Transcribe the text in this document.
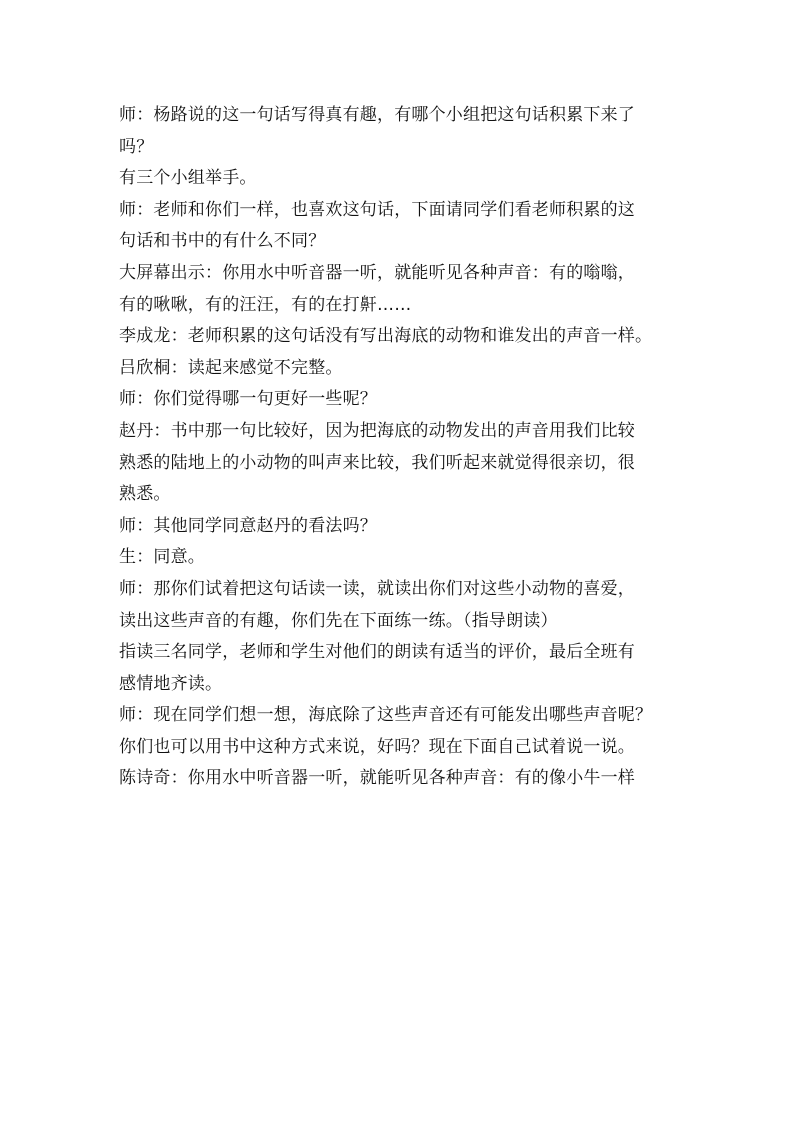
师：杨路说的这一句话写得真有趣，有哪个小组把这句话积累下来了

吗？

有三个小组举手。

师：老师和你们一样，也喜欢这句话，下面请同学们看老师积累的这

句话和书中的有什么不同？

大屏幕出示：你用水中听音器一听，就能听见各种声音：有的嗡嗡，

有的啾啾，有的汪汪，有的在打鼾……

李成龙：老师积累的这句话没有写出海底的动物和谁发出的声音一样。

吕欣桐：读起来感觉不完整。

师：你们觉得哪一句更好一些呢？

赵丹：书中那一句比较好，因为把海底的动物发出的声音用我们比较

熟悉的陆地上的小动物的叫声来比较，我们听起来就觉得很亲切，很

熟悉。

师：其他同学同意赵丹的看法吗？

生：同意。

师：那你们试着把这句话读一读，就读出你们对这些小动物的喜爱，

读出这些声音的有趣，你们先在下面练一练。（指导朗读）

指读三名同学，老师和学生对他们的朗读有适当的评价，最后全班有

感情地齐读。

师：现在同学们想一想，海底除了这些声音还有可能发出哪些声音呢？

你们也可以用书中这种方式来说，好吗？现在下面自己试着说一说。

陈诗奇：你用水中听音器一听，就能听见各种声音：有的像小牛一样
